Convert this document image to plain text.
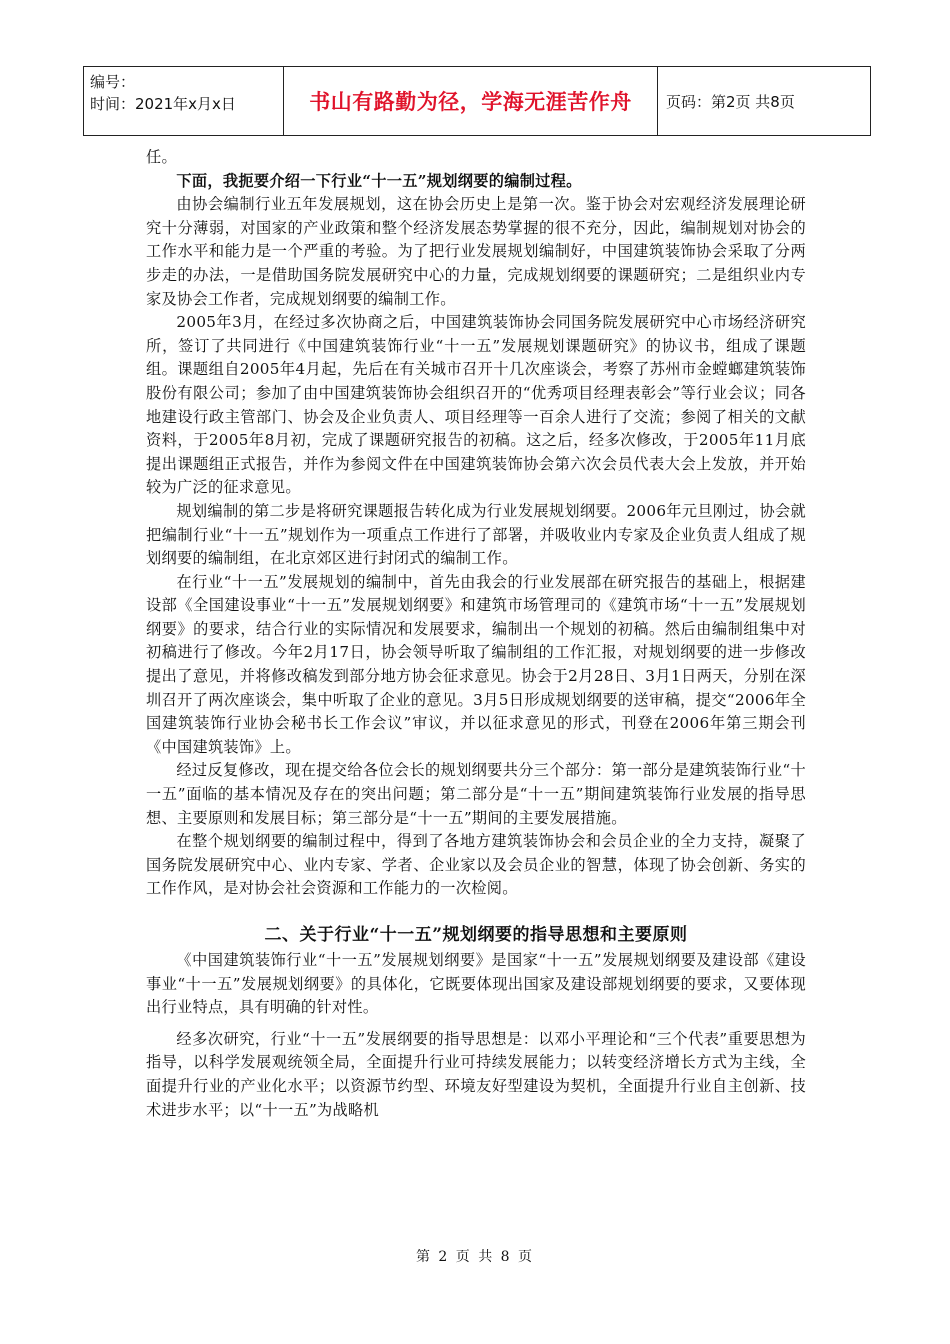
编号：
时间：2021年x月x日	书山有路勤为径，学海无涯苦作舟 页码：第2页 共8页

任。

下面，我扼要介绍一下行业“十一五”规划纲要的编制过程。

由协会编制行业五年发展规划，这在协会历史上是第一次。鉴于协会对宏观经济发展理论研究十分薄弱，对国家的产业政策和整个经济发展态势掌握的很不充分，因此，编制规划对协会的工作水平和能力是一个严重的考验。为了把行业发展规划编制好，中国建筑装饰协会采取了分两步走的办法，一是借助国务院发展研究中心的力量，完成规划纲要的课题研究；二是组织业内专家及协会工作者，完成规划纲要的编制工作。

2005年3月，在经过多次协商之后，中国建筑装饰协会同国务院发展研究中心市场经济研究所，签订了共同进行《中国建筑装饰行业“十一五”发展规划课题研究》的协议书，组成了课题组。课题组自2005年4月起，先后在有关城市召开十几次座谈会，考察了苏州市金螳螂建筑装饰股份有限公司；参加了由中国建筑装饰协会组织召开的“优秀项目经理表彰会”等行业会议；同各地建设行政主管部门、协会及企业负责人、项目经理等一百余人进行了交流；参阅了相关的文献资料，于2005年8月初，完成了课题研究报告的初稿。这之后，经多次修改，于2005年11月底提出课题组正式报告，并作为参阅文件在中国建筑装饰协会第六次会员代表大会上发放，并开始较为广泛的征求意见。

规划编制的第二步是将研究课题报告转化成为行业发展规划纲要。2006年元旦刚过，协会就把编制行业“十一五”规划作为一项重点工作进行了部署，并吸收业内专家及企业负责人组成了规划纲要的编制组，在北京郊区进行封闭式的编制工作。

在行业“十一五”发展规划的编制中，首先由我会的行业发展部在研究报告的基础上，根据建设部《全国建设事业“十一五”发展规划纲要》和建筑市场管理司的《建筑市场“十一五”发展规划纲要》的要求，结合行业的实际情况和发展要求，编制出一个规划的初稿。然后由编制组集中对初稿进行了修改。今年2月17日，协会领导听取了编制组的工作汇报，对规划纲要的进一步修改提出了意见，并将修改稿发到部分地方协会征求意见。协会于2月28日、3月1日两天，分别在深圳召开了两次座谈会，集中听取了企业的意见。3月5日形成规划纲要的送审稿，提交“2006年全国建筑装饰行业协会秘书长工作会议”审议，并以征求意见的形式，刊登在2006年第三期会刊《中国建筑装饰》上。

经过反复修改，现在提交给各位会长的规划纲要共分三个部分：第一部分是建筑装饰行业“十一五”面临的基本情况及存在的突出问题；第二部分是“十一五”期间建筑装饰行业发展的指导思想、主要原则和发展目标；第三部分是“十一五”期间的主要发展措施。

在整个规划纲要的编制过程中，得到了各地方建筑装饰协会和会员企业的全力支持，凝聚了国务院发展研究中心、业内专家、学者、企业家以及会员企业的智慧，体现了协会创新、务实的工作作风，是对协会社会资源和工作能力的一次检阅。

二、关于行业“十一五”规划纲要的指导思想和主要原则

《中国建筑装饰行业“十一五”发展规划纲要》是国家“十一五”发展规划纲要及建设部《建设事业“十一五”发展规划纲要》的具体化，它既要体现出国家及建设部规划纲要的要求，又要体现出行业特点，具有明确的针对性。

经多次研究，行业“十一五”发展纲要的指导思想是：以邓小平理论和“三个代表”重要思想为指导，以科学发展观统领全局，全面提升行业可持续发展能力；以转变经济增长方式为主线，全面提升行业的产业化水平；以资源节约型、环境友好型建设为契机，全面提升行业自主创新、技术进步水平；以“十一五”为战略机

第 2 页 共 8 页
